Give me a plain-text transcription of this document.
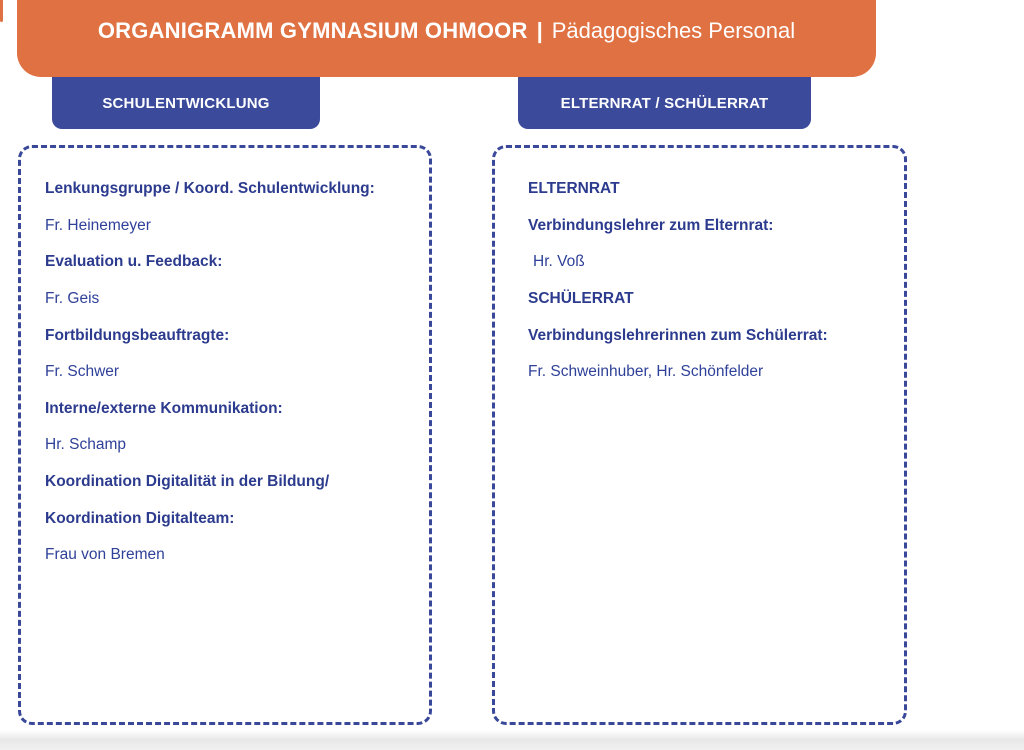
ORGANIGRAMM GYMNASIUM OHMOOR | Pädagogisches Personal
SCHULENTWICKLUNG	ELTERNRAT / SCHÜLERRAT
Lenkungsgruppe / Koord. Schulentwicklung:
Fr. Heinemeyer
Evaluation u. Feedback:
Fr. Geis
Fortbildungsbeauftragte:
Fr. Schwer
Interne/externe Kommunikation:
Hr. Schamp
Koordination Digitalität in der Bildung/
Koordination Digitalteam:
Frau von Bremen
ELTERNRAT
Verbindungslehrer zum Elternrat:
Hr. Voß
SCHÜLERRAT
Verbindungslehrerinnen zum Schülerrat:
Fr. Schweinhuber, Hr. Schönfelder
